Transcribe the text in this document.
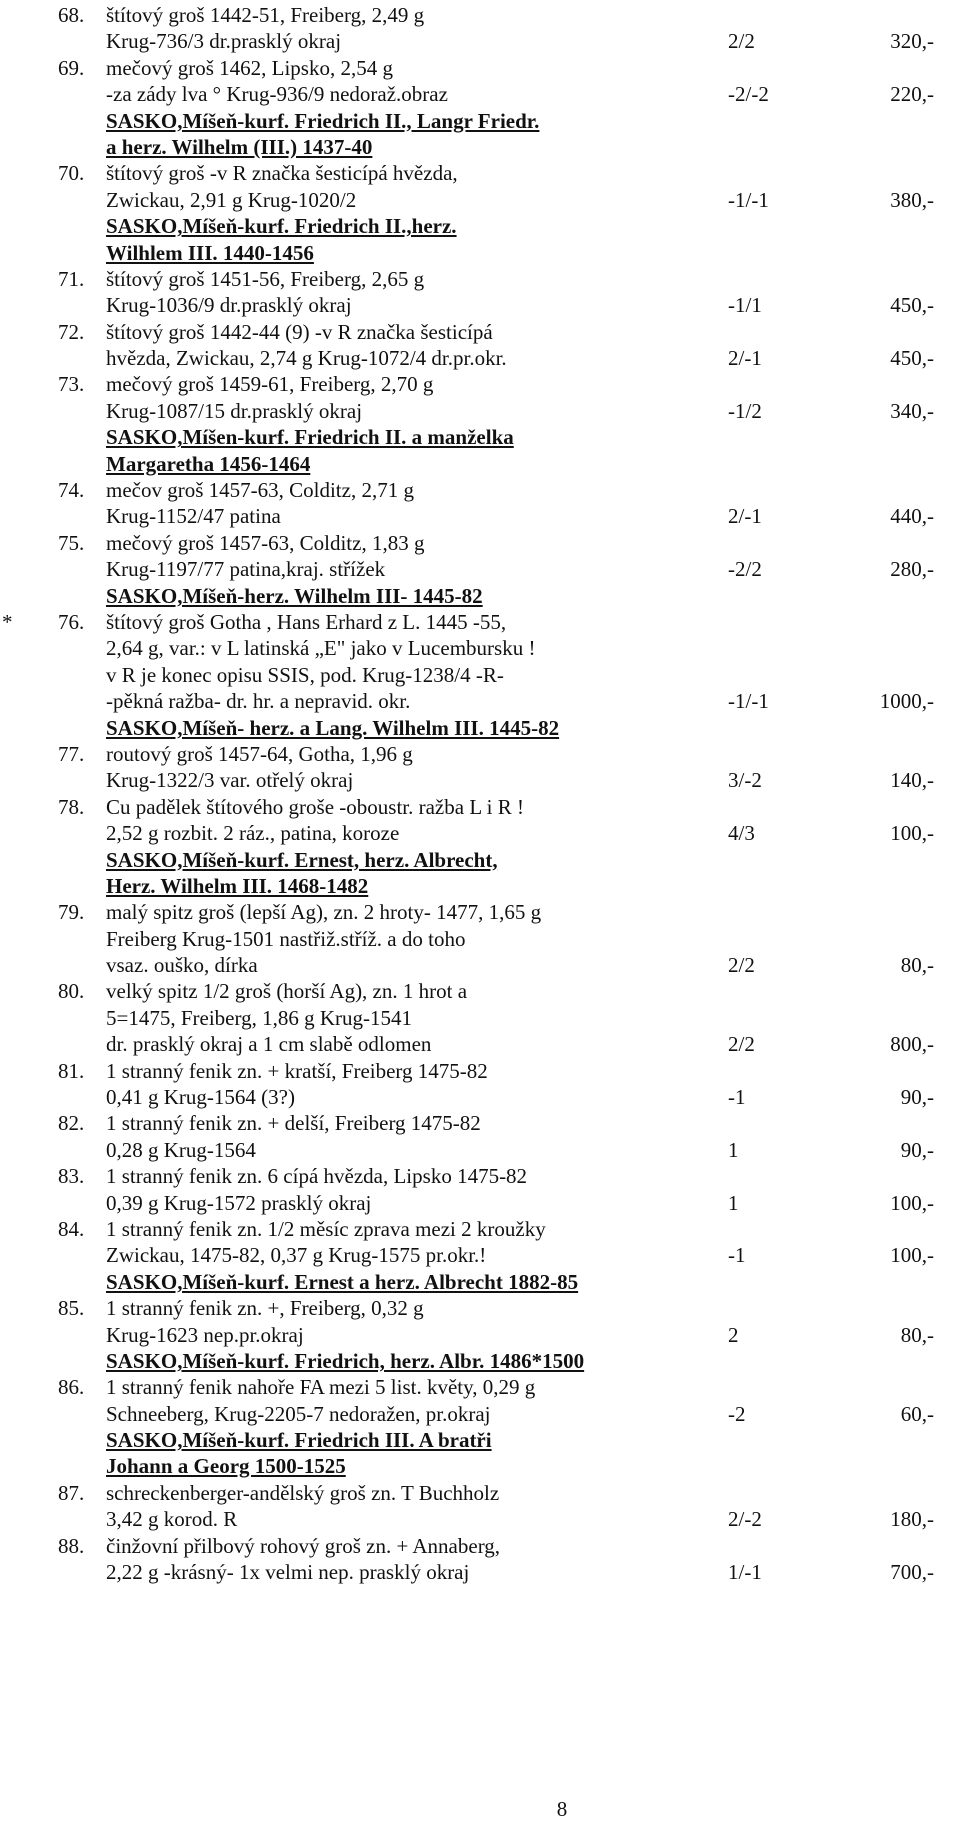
68. štítový groš 1442-51, Freiberg, 2,49 g
Krug-736/3 dr.prasklý okraj	2/2	320,-
69. mečový groš 1462, Lipsko, 2,54 g
-za zády lva ° Krug-936/9 nedoraž.obraz	-2/-2	220,-
SASKO,Míšeň-kurf. Friedrich II., Langr Friedr.
a herz. Wilhelm (III.) 1437-40
70. štítový groš -v R značka šesticípá hvězda,
Zwickau, 2,91 g Krug-1020/2	-1/-1	380,-
SASKO,Míšeň-kurf. Friedrich II.,herz.
Wilhlem III. 1440-1456
71. štítový groš 1451-56, Freiberg, 2,65 g
Krug-1036/9 dr.prasklý okraj	-1/1	450,-
72. štítový groš 1442-44 (9) -v R značka šesticípá
hvězda, Zwickau, 2,74 g Krug-1072/4 dr.pr.okr.	2/-1	450,-
73. mečový groš 1459-61, Freiberg, 2,70 g
Krug-1087/15 dr.prasklý okraj	-1/2	340,-
SASKO,Míšen-kurf. Friedrich II. a manželka
Margaretha 1456-1464
74. mečov groš 1457-63, Colditz, 2,71 g
Krug-1152/47 patina	2/-1	440,-
75. mečový groš 1457-63, Colditz, 1,83 g
Krug-1197/77 patina,kraj. střížek	-2/2	280,-
SASKO,Míšeň-herz. Wilhelm III- 1445-82
* 76. štítový groš Gotha , Hans Erhard z L. 1445 -55,
2,64 g, var.: v L latinská „E" jako v Lucembursku !
v R je konec opisu SSIS, pod. Krug-1238/4 -R-
-pěkná ražba- dr. hr. a nepravid. okr.	-1/-1	1000,-
SASKO,Míšeň- herz. a Lang. Wilhelm III. 1445-82
77. routový groš 1457-64, Gotha, 1,96 g
Krug-1322/3 var. otřelý okraj	3/-2	140,-
78. Cu padělek štítového groše -oboustr. ražba L i R !
2,52 g rozbit. 2 ráz., patina, koroze	4/3	100,-
SASKO,Míšeň-kurf. Ernest, herz. Albrecht,
Herz. Wilhelm III. 1468-1482
79. malý spitz groš (lepší Ag), zn. 2 hroty- 1477, 1,65 g
Freiberg Krug-1501 nastřiž.stříž. a do toho
vsaz. ouško, dírka	2/2	80,-
80. velký spitz 1/2 groš (horší Ag), zn. 1 hrot a
5=1475, Freiberg, 1,86 g Krug-1541
dr. prasklý okraj a 1 cm slabě odlomen	2/2	800,-
81. 1 stranný fenik zn. + kratší, Freiberg 1475-82
0,41 g Krug-1564 (3?)	-1	90,-
82. 1 stranný fenik zn. + delší, Freiberg 1475-82
0,28 g Krug-1564	1	90,-
83. 1 stranný fenik zn. 6 cípá hvězda, Lipsko 1475-82
0,39 g Krug-1572 prasklý okraj	1	100,-
84. 1 stranný fenik zn. 1/2 měsíc zprava mezi 2 kroužky
Zwickau, 1475-82, 0,37 g Krug-1575 pr.okr.!	-1	100,-
SASKO,Míšeň-kurf. Ernest a herz. Albrecht 1882-85
85. 1 stranný fenik zn. +, Freiberg, 0,32 g
Krug-1623 nep.pr.okraj	2	80,-
SASKO,Míšeň-kurf. Friedrich, herz. Albr. 1486*1500
86. 1 stranný fenik nahoře FA mezi 5 list. květy, 0,29 g
Schneeberg, Krug-2205-7 nedoražen, pr.okraj	-2	60,-
SASKO,Míšeň-kurf. Friedrich III. A bratři
Johann a Georg 1500-1525
87. schreckenberger-andělský groš zn. T Buchholz
3,42 g korod. R	2/-2	180,-
88. činžovní přilbový rohový groš zn. + Annaberg,
2,22 g -krásný- 1x velmi nep. prasklý okraj	1/-1	700,-
8
